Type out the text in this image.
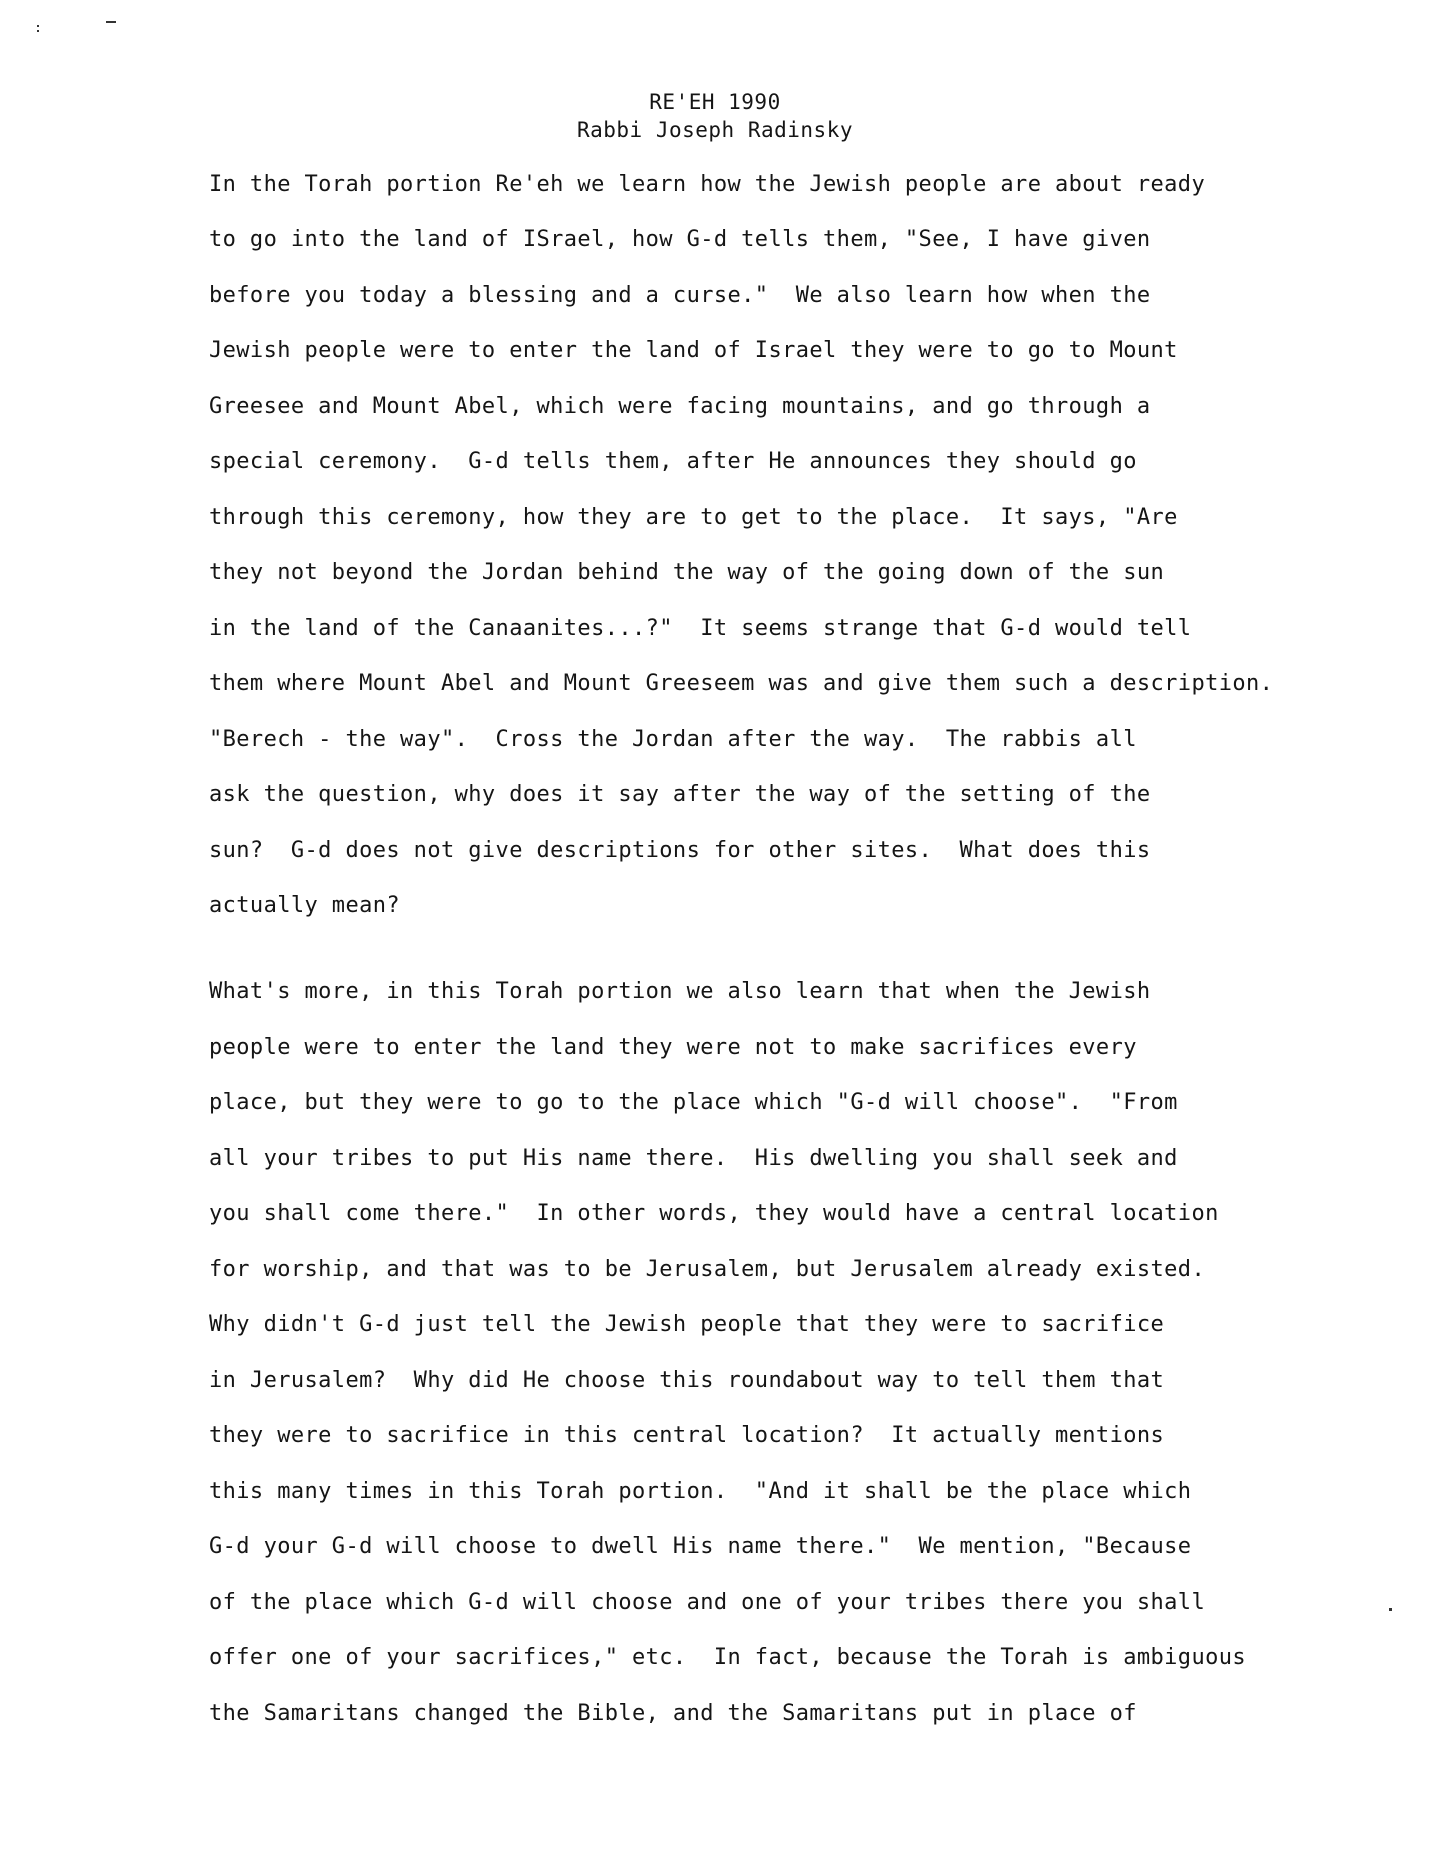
RE'EH 1990
Rabbi Joseph Radinsky
In the Torah portion Re'eh we learn how the Jewish people are about ready
to go into the land of ISrael, how G-d tells them, "See, I have given
before you today a blessing and a curse."  We also learn how when the
Jewish people were to enter the land of Israel they were to go to Mount
Greesee and Mount Abel, which were facing mountains, and go through a
special ceremony.  G-d tells them, after He announces they should go
through this ceremony, how they are to get to the place.  It says, "Are
they not beyond the Jordan behind the way of the going down of the sun
in the land of the Canaanites...?"  It seems strange that G-d would tell
them where Mount Abel and Mount Greeseem was and give them such a description.
"Berech - the way".  Cross the Jordan after the way.  The rabbis all
ask the question, why does it say after the way of the setting of the
sun?  G-d does not give descriptions for other sites.  What does this
actually mean?
What's more, in this Torah portion we also learn that when the Jewish
people were to enter the land they were not to make sacrifices every
place, but they were to go to the place which "G-d will choose".  "From
all your tribes to put His name there.  His dwelling you shall seek and
you shall come there."  In other words, they would have a central location
for worship, and that was to be Jerusalem, but Jerusalem already existed.
Why didn't G-d just tell the Jewish people that they were to sacrifice
in Jerusalem?  Why did He choose this roundabout way to tell them that
they were to sacrifice in this central location?  It actually mentions
this many times in this Torah portion.  "And it shall be the place which
G-d your G-d will choose to dwell His name there."  We mention, "Because
of the place which G-d will choose and one of your tribes there you shall
offer one of your sacrifices," etc.  In fact, because the Torah is ambiguous
the Samaritans changed the Bible, and the Samaritans put in place of
